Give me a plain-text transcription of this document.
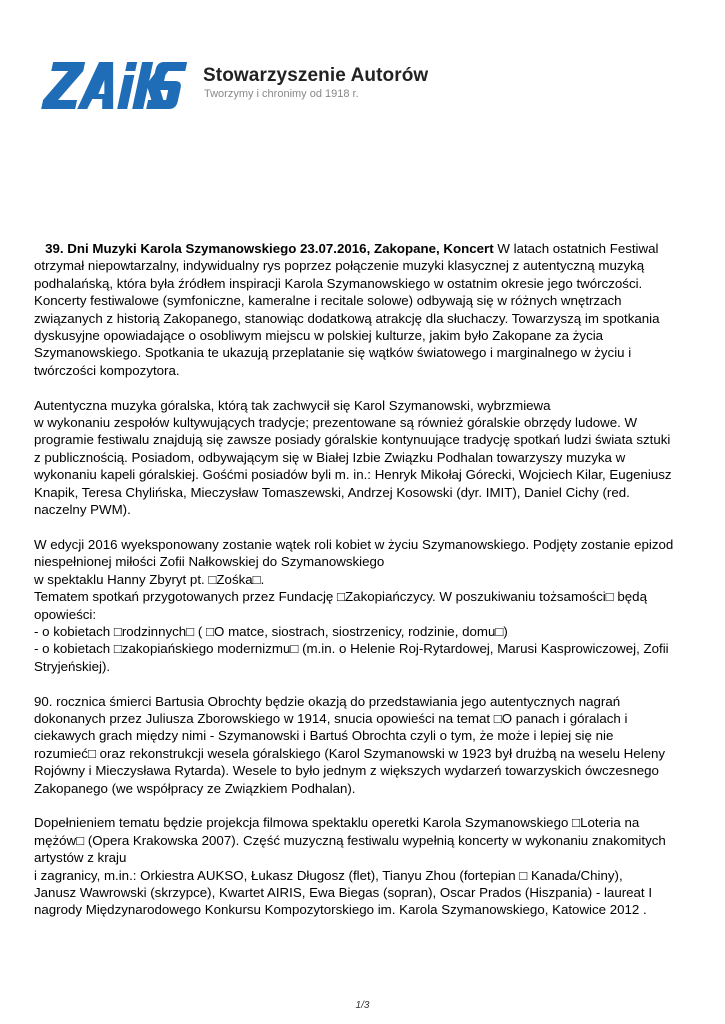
Stowarzyszenie Autorów
Tworzymy i chronimy od 1918 r.

39. Dni Muzyki Karola Szymanowskiego 23.07.2016, Zakopane, Koncert W latach ostatnich Festiwal
otrzymał niepowtarzalny, indywidualny rys poprzez połączenie muzyki klasycznej z autentyczną muzyką
podhalańską, która była źródłem inspiracji Karola Szymanowskiego w ostatnim okresie jego twórczości.
Koncerty festiwalowe (symfoniczne, kameralne i recitale solowe) odbywają się w różnych wnętrzach
związanych z historią Zakopanego, stanowiąc dodatkową atrakcję dla słuchaczy. Towarzyszą im spotkania
dyskusyjne opowiadające o osobliwym miejscu w polskiej kulturze, jakim było Zakopane za życia
Szymanowskiego. Spotkania te ukazują przeplatanie się wątków światowego i marginalnego w życiu i
twórczości kompozytora.

Autentyczna muzyka góralska, którą tak zachwycił się Karol Szymanowski, wybrzmiewa
w wykonaniu zespołów kultywujących tradycje; prezentowane są również góralskie obrzędy ludowe. W
programie festiwalu znajdują się zawsze posiady góralskie kontynuujące tradycję spotkań ludzi świata sztuki
z publicznością. Posiadom, odbywającym się w Białej Izbie Związku Podhalan towarzyszy muzyka w
wykonaniu kapeli góralskiej. Gośćmi posiadów byli m. in.: Henryk Mikołaj Górecki, Wojciech Kilar, Eugeniusz
Knapik, Teresa Chylińska, Mieczysław Tomaszewski, Andrzej Kosowski (dyr. IMIT), Daniel Cichy (red.
naczelny PWM).

W edycji 2016 wyeksponowany zostanie wątek roli kobiet w życiu Szymanowskiego. Podjęty zostanie epizod
niespełnionej miłości Zofii Nałkowskiej do Szymanowskiego
w spektaklu Hanny Zbyryt pt. □Zośka□.
Tematem spotkań przygotowanych przez Fundację □Zakopiańczycy. W poszukiwaniu tożsamości□ będą
opowieści:
- o kobietach □rodzinnych□ ( □O matce, siostrach, siostrzenicy, rodzinie, domu□)
- o kobietach □zakopiańskiego modernizmu□ (m.in. o Helenie Roj-Rytardowej, Marusi Kasprowiczowej, Zofii
Stryjeńskiej).

90. rocznica śmierci Bartusia Obrochty będzie okazją do przedstawiania jego autentycznych nagrań
dokonanych przez Juliusza Zborowskiego w 1914, snucia opowieści na temat □O panach i góralach i
ciekawych grach między nimi - Szymanowski i Bartuś Obrochta czyli o tym, że może i lepiej się nie
rozumieć□ oraz rekonstrukcji wesela góralskiego (Karol Szymanowski w 1923 był drużbą na weselu Heleny
Rojówny i Mieczysława Rytarda). Wesele to było jednym z większych wydarzeń towarzyskich ówczesnego
Zakopanego (we współpracy ze Związkiem Podhalan).

Dopełnieniem tematu będzie projekcja filmowa spektaklu operetki Karola Szymanowskiego □Loteria na
mężów□ (Opera Krakowska 2007). Część muzyczną festiwalu wypełnią koncerty w wykonaniu znakomitych
artystów z kraju
i zagranicy, m.in.: Orkiestra AUKSO, Łukasz Długosz (flet), Tianyu Zhou (fortepian □ Kanada/Chiny),
Janusz Wawrowski (skrzypce), Kwartet AIRIS, Ewa Biegas (sopran), Oscar Prados (Hiszpania) - laureat I
nagrody Międzynarodowego Konkursu Kompozytorskiego im. Karola Szymanowskiego, Katowice 2012 .

1/3
